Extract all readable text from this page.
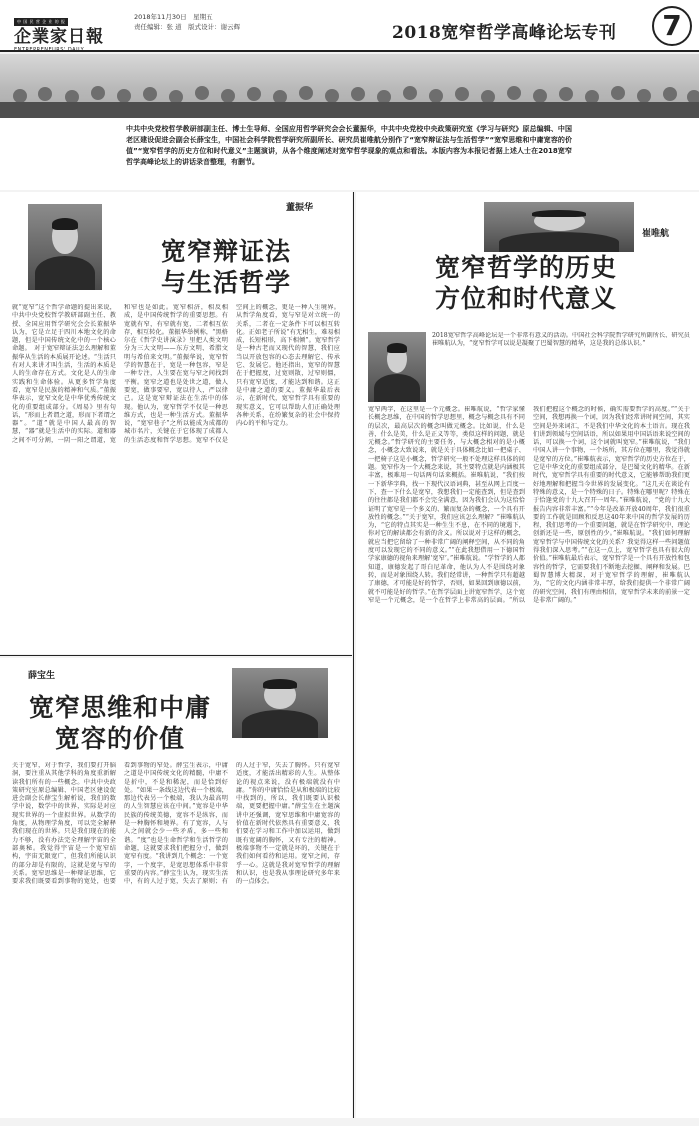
中 国 民 营 企 业 的 报
企業家日報
ENTREPRENEURS' DAILY
2018年11月30日　星期五
责任编辑：张 道　版式设计：谢云辉	2018宽窄哲学高峰论坛专刊 7

中共中央党校哲学教研部副主任、博士生导师、全国应用哲学研究会会长董振华，中共中央党校中央政策研究室《学习与研究》原总编辑、中国老区建设促进会副会长薛宝生，中国社会科学院哲学研究所副所长、研究员崔唯航分别作了“宽窄辩证法与生活哲学”“宽窄思维和中庸宽容的价值”“宽窄哲学的历史方位和时代意义”主题演讲，从各个维度阐述对宽窄哲学现象的观点和看法。本版内容为本报记者据上述人士在2018宽窄哲学高峰论坛上的讲话录音整理，有删节。

董振华
宽窄辩证法
与生活哲学
就“宽窄”这个哲学命题的提出来说，中共中央党校哲学教研部副主任、教授、全国应用哲学研究会会长董振华认为，它是立足于四川本地文化的命题，但是中国传统文化中的一个核心命题。　对于宽窄辩证法怎么理解和董振华从生活的本质展开论述。“生活只有对人来讲才叫生活，生活的本质是人的生命存在方式。文化是人的生命实践和生命体验。从更多哲学角度看，宽窄是民族的精神和气质。”董振华表示，宽窄文化是中华优秀传统文化的重要组成部分。《周易》里有句话，“形而上者谓之道，形而下者谓之器”。“道”就是中国人最高的智慧，“器”就是生活中的实际。道和器之间不可分割，一阴一阳之谓道，宽和窄也是如此。宽窄相济，相反相成，是中国传统哲学的重要思想。有宽就有窄，有窄就有宽，二者相互依存，相互转化。董振华举例称，“黑格尔在《哲学史讲演录》里把人类文明分为三大文明——东方文明、希腊文明与希伯来文明。”董振华说，宽窄哲学的智慧在于，宽是一种包容，窄是一种专注，人生要在宽与窄之间找到平衡。宽窄之道也是处世之道，做人要宽，做事要窄，宽以待人，严以律己。这是宽窄辩证法在生活中的体现。他认为，宽窄哲学不仅是一种思维方式，也是一种生活方式。董振华说，“宽窄巷子”之所以能成为成都的城市名片，关键在于它体现了成都人的生活态度和哲学思想。宽窄不仅是空间上的概念，更是一种人生境界。从哲学角度看，宽与窄是对立统一的关系，二者在一定条件下可以相互转化。正如老子所说“有无相生，难易相成，长短相形，高下相倾”。宽窄哲学是一种古老而又现代的智慧，我们应当以开放包容的心态去理解它、传承它、发展它。他还指出，宽窄的智慧在于把握度，过宽则散，过窄则僵，只有宽窄适度，才能达到和谐。这正是中庸之道的要义。董振华最后表示，在新时代，宽窄哲学具有重要的现实意义，它可以帮助人们正确处理各种关系，在纷繁复杂的社会中保持内心的平和与定力。
薛宝生
宽窄思维和中庸
宽容的价值
关于宽窄，对于哲学，我们要打开脑洞，要注重从其他学科的角度重新解读我们所有的一些概念。中共中央政策研究室原总编辑、中国老区建设促进会副会长薛宝生解析说，我们的数学中说，数学中的世界，实际是对应现实世界的一个虚拟世界。从数学的角度，从物理学角度，可以完全解释我们现在的世界。只是我们现在的能力不够，没有办法完全理解宇宙的全部奥秘。我觉得宇宙是一个宽窄结构，宇宙无限宽广，但我们所能认识的部分却是有限的，这就是宽与窄的关系。宽窄思维是一种辩证思维，它要求我们既要看到事物的宽处，也要看到事物的窄处。薛宝生表示，中庸之道是中国传统文化的精髓，中庸不是折中，不是和稀泥，而是恰到好处。“如果一条线这边代表一个极端，那边代表另一个极端，我认为最高明的人生智慧应该在中间。”宽容是中华民族的传统美德，宽容不是纵容，而是一种胸怀和境界。有了宽容，人与人之间就会少一些矛盾，多一些和谐。“度”也是生命哲学和生活哲学的命题，这就要求我们把握分寸，做到宽窄有度。“我讲到几个概念：一个宽字，一个度字，是宽思想体系中非常重要的内容。”薛宝生认为，现实生活中，有的人过于宽，失去了原则；有的人过于窄，失去了胸怀。只有宽窄适度，才能活出精彩的人生。从整体论的视点来说，没有极端就没有中庸。“你的中庸恰恰是从和极端的比较中找到的，所以，我们既要认识极端，更要把握中庸。”薛宝生在主题演讲中还强调，宽窄思维和中庸宽容的价值在新时代依然具有重要意义，我们要在学习和工作中加以运用，做到既有宽阔的胸怀，又有专注的精神。极端事物不一定就是坏的，关键在于我们如何看待和运用。宽窄之间，存乎一心。这就是我对宽窄哲学的理解和认识，也是我从事理论研究多年来的一点体会。
崔唯航
宽窄哲学的历史
方位和时代意义
2018宽窄哲学高峰论坛是一个非常有意义的活动。中国社会科学院哲学研究所副所长、研究员崔唯航认为，“宽窄哲学可以说是凝聚了巴蜀智慧的精华，这是我的总体认识。”
宽窄两字，在这里是一个元概念。崔唯航说，“哲学家懂长概念思维，在中国的哲学思想里，概念与概念具有不同的层次，最高层次的概念叫做元概念。比如说，什么是善，什么是美，什么是正义等等，类似这样的问题，就是元概念。”哲学研究的主要任务，与大概念相对的是小概念，小概念大致说来，就是关于具体概念比如一把桌子、一把椅子这是小概念，哲学研究一般不处理这样具体的问题。宽窄作为一个大概念来说，其主要特点就是内涵极其丰富，极难用一句话两句话来概括。崔唯航说，“我们按一下新华字典，找一下现代汉语词典，甚至从网上百度一下，查一下什么是宽窄，我想我们一定能查到，但是查到的往往都是我们都不会完全满意，因为我们会认为这恰恰证明了宽窄是一个多义的、繁而复杂的概念，一个具有开放性的概念。”“关于宽窄，我们应该怎么理解？”崔唯航认为，“它的特点其实是一种生生不息，在不同的境遇下，你对它的解读都会有新的含义。所以说对于这样的概念，就应当把它留给了一种非常广阔的阐释空间，从不同的角度可以发现它的不同的意义。”“在此我想借用一下德国哲学家康德的视角来理解‘宽窄’。”崔唯航说。“学哲学的人都知道，康德发起了哥白尼革命，他认为人不是围绕对象转，而是对象围绕人转。我们经常讲，一种哲学只有超越了康德，才可能是好的哲学，否则，如果回到康德以前，就不可能是好的哲学。”在哲学层面上讲宽窄哲学，这个宽窄是一个元概念，是一个在哲学上非常高的层面。“所以我们把握这个概念的时候，确实需要哲学的高度。”“关于空间，我想再换一个词，因为我们经常讲时间空间，其实空间是外来词汇，不是我们中华文化的本土语言。现在我们讲到领域与空间话语，所以如果用中国话语来说空间的话，可以换一个词，这个词就叫宽窄。”崔唯航说，“我们中国人讲一个事物，一个场所，其方位在哪里，我觉得就是宽窄的方位。”崔唯航表示，宽窄哲学的历史方位在于，它是中华文化的重要组成部分，是巴蜀文化的精华。在新时代，宽窄哲学具有重要的时代意义，它能够帮助我们更好地理解和把握当今世界的发展变化。“这几天在谈论有特殊的意义，是一个特殊的日子。特殊在哪里呢？特殊在于恰逢党的十九大召开一周年。”崔唯航说，“党的十九大报告内容非常丰富。”“今年是改革开放40周年，我们很重要的工作就是回顾和反思这40年来中国的哲学发展的历程，我们思考的一个重要问题，就是在哲学研究中，理论创新还是一些，原创性的少。”崔唯航说。“我们如何理解宽窄哲学与中国传统文化的关系？我觉得这样一些问题值得我们深入思考。”“在这一点上，宽窄哲学也具有很大的价值。”崔唯航最后表示，宽窄哲学是一个具有开放性和包容性的哲学，它需要我们不断地去挖掘、阐释和发展。巴蜀智慧博大精深，对于宽窄哲学的理解，崔唯航认为，“它的文化内涵非常丰厚，给我们提供一个非常广阔的研究空间，我们有理由相信，宽窄哲学未来的前景一定是非常广阔的。”
